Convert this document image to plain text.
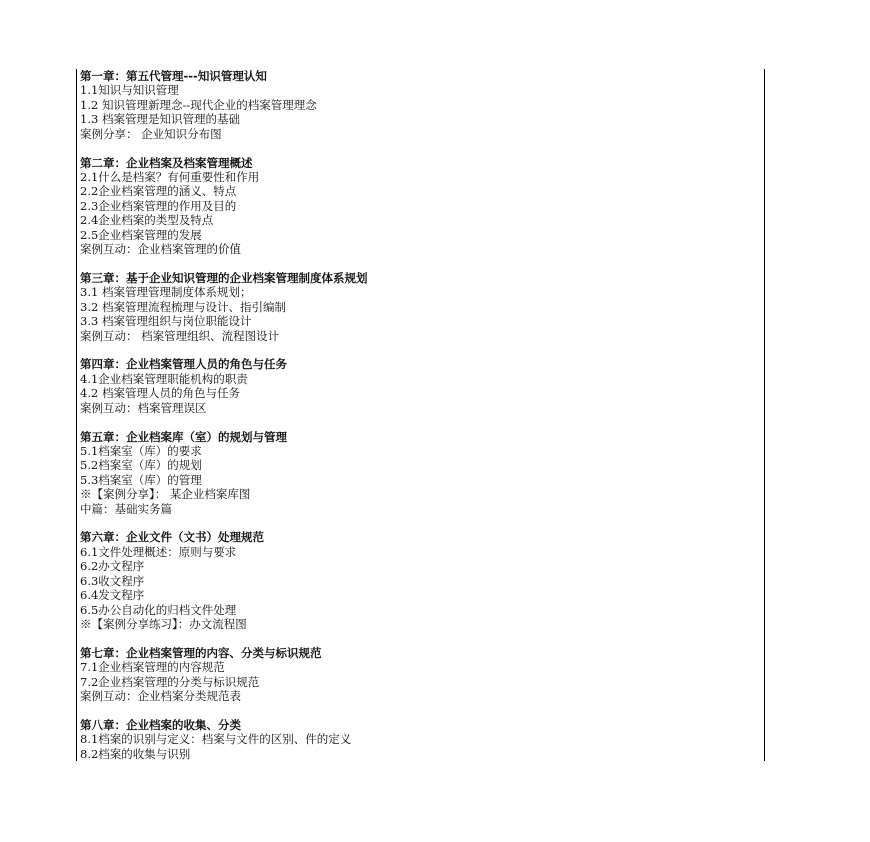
第一章：第五代管理---知识管理认知
1.1知识与知识管理
1.2 知识管理新理念--现代企业的档案管理理念
1.3 档案管理是知识管理的基础
案例分享： 企业知识分布图
第二章：企业档案及档案管理概述
2.1什么是档案？有何重要性和作用
2.2企业档案管理的涵义、特点
2.3企业档案管理的作用及目的
2.4企业档案的类型及特点
2.5企业档案管理的发展
案例互动：企业档案管理的价值
第三章：基于企业知识管理的企业档案管理制度体系规划
3.1 档案管理管理制度体系规划；
3.2 档案管理流程梳理与设计、指引编制
3.3 档案管理组织与岗位职能设计
案例互动： 档案管理组织、流程图设计
第四章：企业档案管理人员的角色与任务
4.1企业档案管理职能机构的职责
4.2 档案管理人员的角色与任务
案例互动：档案管理误区
第五章：企业档案库（室）的规划与管理
5.1档案室（库）的要求
5.2档案室（库）的规划
5.3档案室（库）的管理
※【案例分享】： 某企业档案库图
中篇：基础实务篇
第六章：企业文件（文书）处理规范
6.1文件处理概述：原则与要求
6.2办文程序
6.3收文程序
6.4发文程序
6.5办公自动化的归档文件处理
※【案例分享练习】：办文流程图
第七章：企业档案管理的内容、分类与标识规范
7.1企业档案管理的内容规范
7.2企业档案管理的分类与标识规范
案例互动：企业档案分类规范表
第八章：企业档案的收集、分类
8.1档案的识别与定义：档案与文件的区别、件的定义
8.2档案的收集与识别
